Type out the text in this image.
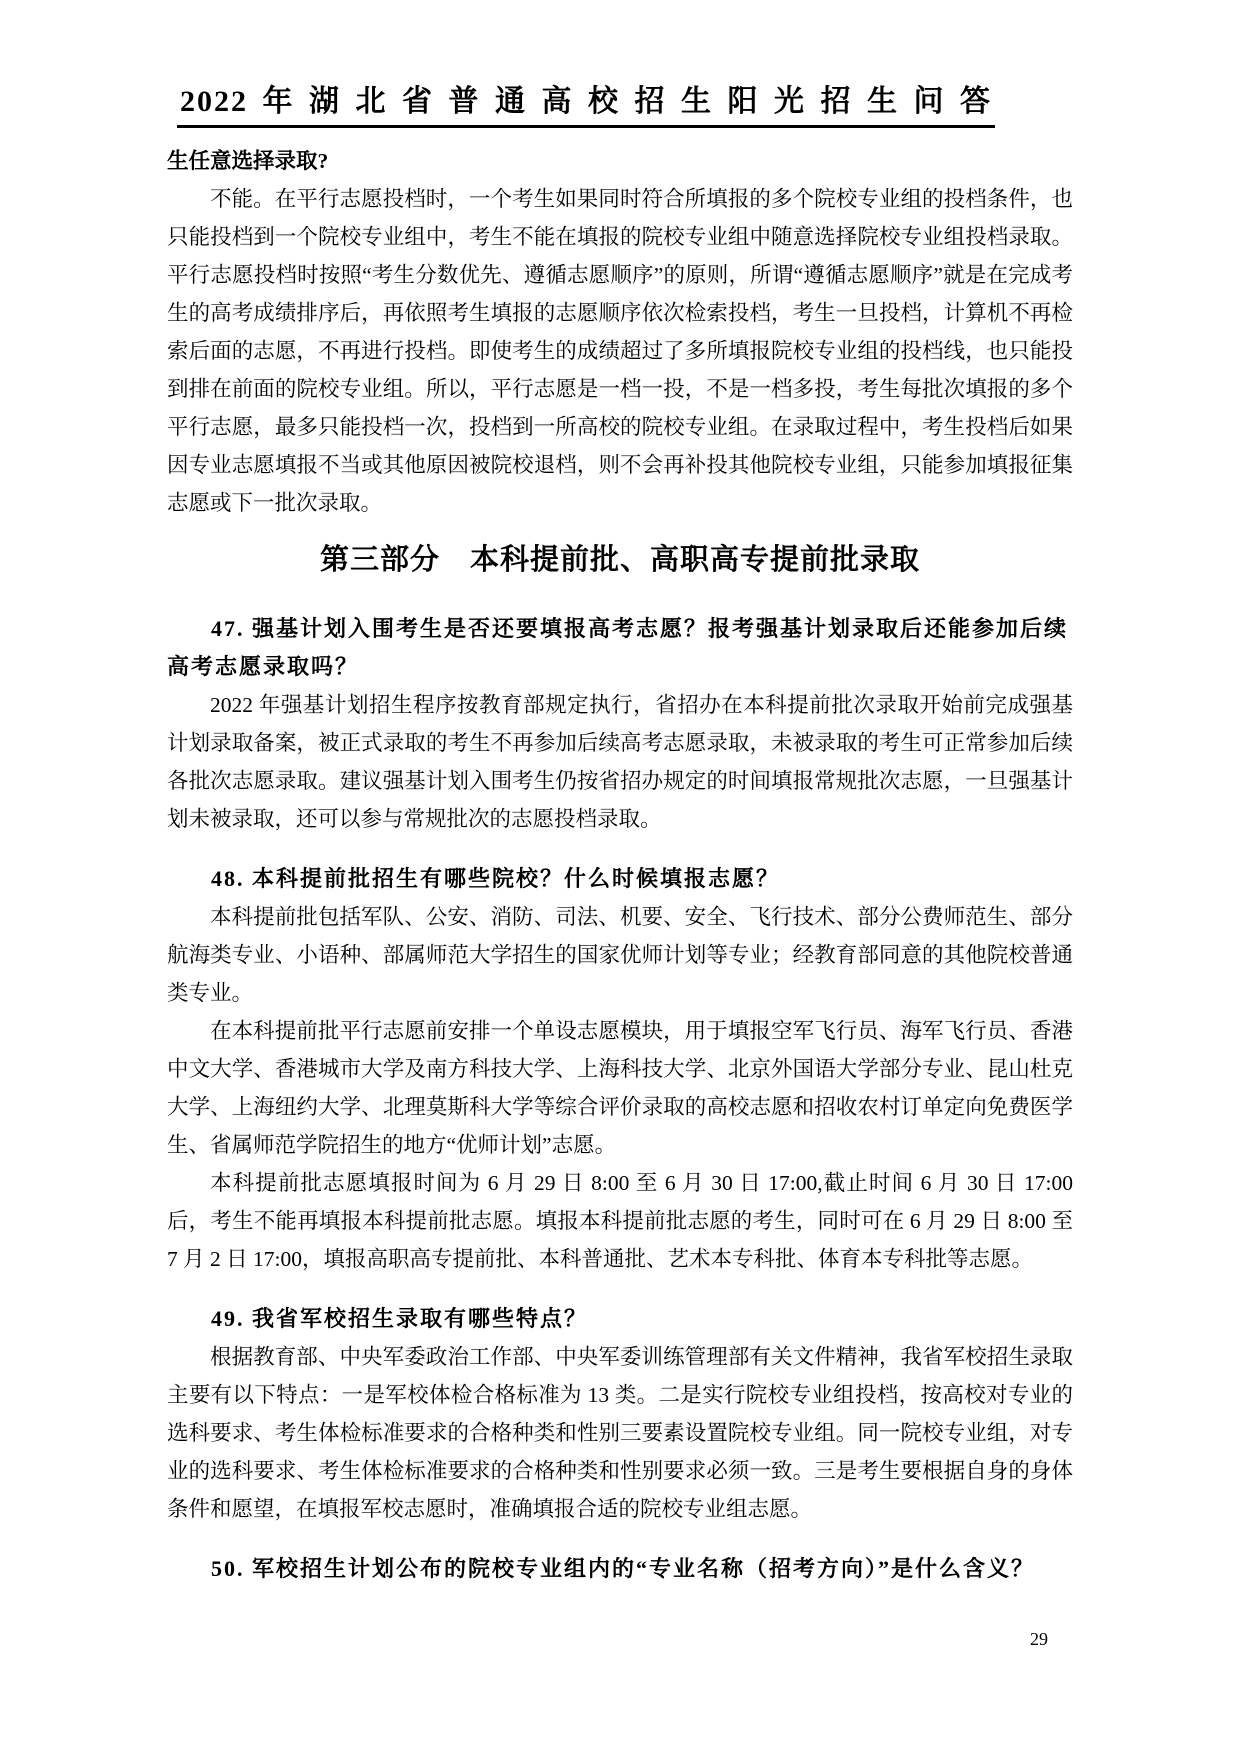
2022 年 湖 北 省 普 通 高 校 招 生 阳 光 招 生 问 答

生任意选择录取?

不能。在平行志愿投档时，一个考生如果同时符合所填报的多个院校专业组的投档条件，也只能投档到一个院校专业组中，考生不能在填报的院校专业组中随意选择院校专业组投档录取。平行志愿投档时按照“考生分数优先、遵循志愿顺序”的原则，所谓“遵循志愿顺序”就是在完成考生的高考成绩排序后，再依照考生填报的志愿顺序依次检索投档，考生一旦投档，计算机不再检索后面的志愿，不再进行投档。即使考生的成绩超过了多所填报院校专业组的投档线，也只能投到排在前面的院校专业组。所以，平行志愿是一档一投，不是一档多投，考生每批次填报的多个平行志愿，最多只能投档一次，投档到一所高校的院校专业组。在录取过程中，考生投档后如果因专业志愿填报不当或其他原因被院校退档，则不会再补投其他院校专业组，只能参加填报征集志愿或下一批次录取。

第三部分　本科提前批、高职高专提前批录取

47. 强基计划入围考生是否还要填报高考志愿？报考强基计划录取后还能参加后续高考志愿录取吗？

2022 年强基计划招生程序按教育部规定执行，省招办在本科提前批次录取开始前完成强基计划录取备案，被正式录取的考生不再参加后续高考志愿录取，未被录取的考生可正常参加后续各批次志愿录取。建议强基计划入围考生仍按省招办规定的时间填报常规批次志愿，一旦强基计划未被录取，还可以参与常规批次的志愿投档录取。

48. 本科提前批招生有哪些院校？什么时候填报志愿？

本科提前批包括军队、公安、消防、司法、机要、安全、飞行技术、部分公费师范生、部分航海类专业、小语种、部属师范大学招生的国家优师计划等专业；经教育部同意的其他院校普通类专业。

在本科提前批平行志愿前安排一个单设志愿模块，用于填报空军飞行员、海军飞行员、香港中文大学、香港城市大学及南方科技大学、上海科技大学、北京外国语大学部分专业、昆山杜克大学、上海纽约大学、北理莫斯科大学等综合评价录取的高校志愿和招收农村订单定向免费医学生、省属师范学院招生的地方“优师计划”志愿。

本科提前批志愿填报时间为 6 月 29 日 8:00 至 6 月 30 日 17:00,截止时间 6 月 30 日 17:00 后，考生不能再填报本科提前批志愿。填报本科提前批志愿的考生，同时可在 6 月 29 日 8:00 至 7 月 2 日 17:00，填报高职高专提前批、本科普通批、艺术本专科批、体育本专科批等志愿。

49. 我省军校招生录取有哪些特点？

根据教育部、中央军委政治工作部、中央军委训练管理部有关文件精神，我省军校招生录取主要有以下特点：一是军校体检合格标准为 13 类。二是实行院校专业组投档，按高校对专业的选科要求、考生体检标准要求的合格种类和性别三要素设置院校专业组。同一院校专业组，对专业的选科要求、考生体检标准要求的合格种类和性别要求必须一致。三是考生要根据自身的身体条件和愿望，在填报军校志愿时，准确填报合适的院校专业组志愿。

50. 军校招生计划公布的院校专业组内的“专业名称（招考方向）”是什么含义？

29
